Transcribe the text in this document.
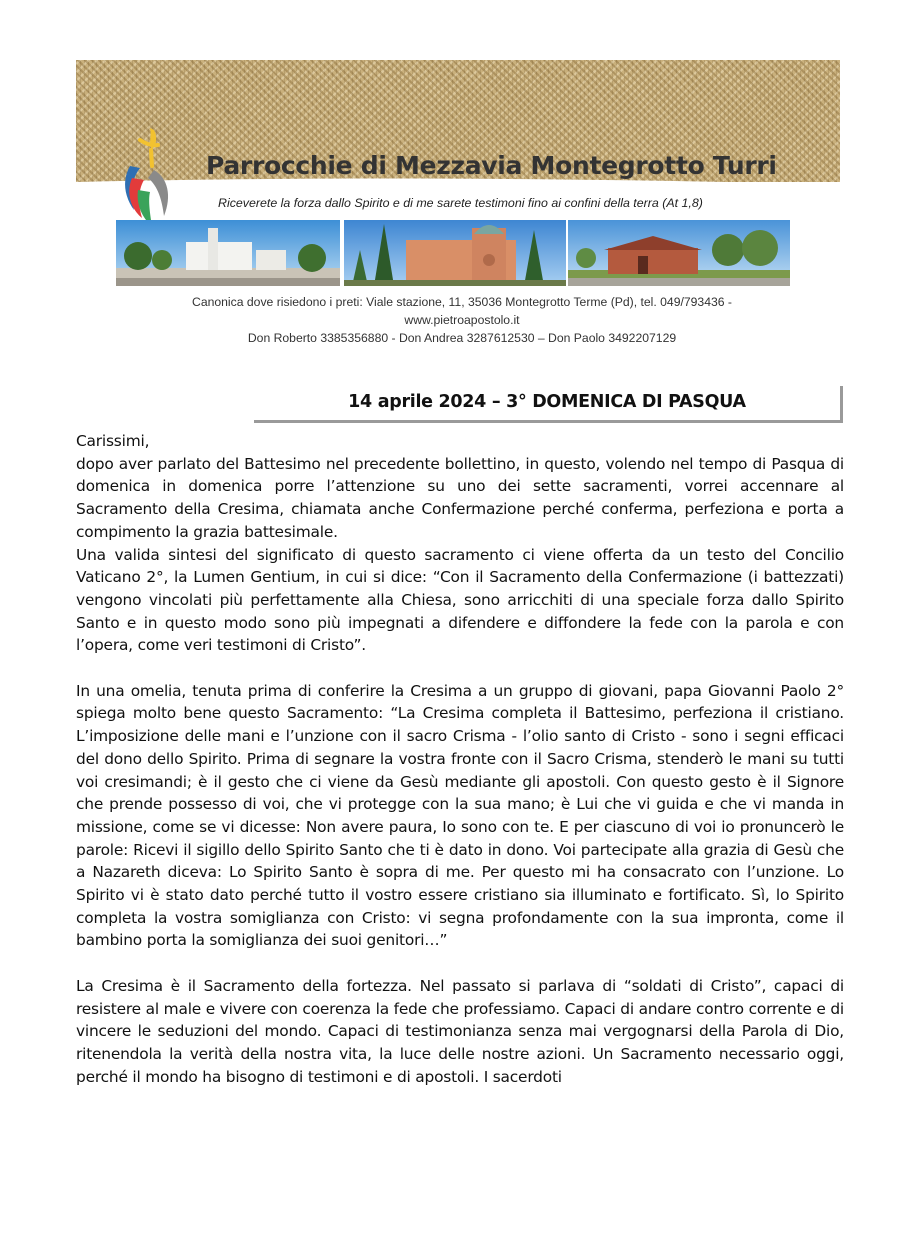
Parrocchie di Mezzavia Montegrotto Turri
Riceverete la forza dallo Spirito e di me sarete testimoni fino ai confini della terra (At 1,8)

Canonica dove risiedono i preti: Viale stazione, 11, 35036 Montegrotto Terme (Pd), tel. 049/793436 -

www.pietroapostolo.it

Don Roberto 3385356880 - Don Andrea 3287612530 – Don Paolo 3492207129

14 aprile 2024 – 3° DOMENICA DI PASQUA

Carissimi,

dopo aver parlato del Battesimo nel precedente bollettino, in questo, volendo nel tempo di Pasqua di domenica in domenica porre l’attenzione su uno dei sette sacramenti, vorrei accennare al Sacramento della Cresima, chiamata anche Confermazione perché conferma, perfeziona e porta a compimento la grazia battesimale.

Una valida sintesi del significato di questo sacramento ci viene offerta da un testo del Concilio Vaticano 2°, la Lumen Gentium, in cui si dice: “Con il Sacramento della Confermazione (i battezzati) vengono vincolati più perfettamente alla Chiesa, sono arricchiti di una speciale forza dallo Spirito Santo e in questo modo sono più impegnati a difendere e diffondere la fede con la parola e con l’opera, come veri testimoni di Cristo”.

In una omelia, tenuta prima di conferire la Cresima a un gruppo di giovani, papa Giovanni Paolo 2° spiega molto bene questo Sacramento: “La Cresima completa il Battesimo, perfeziona il cristiano. L’imposizione delle mani e l’unzione con il sacro Crisma - l’olio santo di Cristo - sono i segni efficaci del dono dello Spirito. Prima di segnare la vostra fronte con il Sacro Crisma, stenderò le mani su tutti voi cresimandi; è il gesto che ci viene da Gesù mediante gli apostoli. Con questo gesto è il Signore che prende possesso di voi, che vi protegge con la sua mano; è Lui che vi guida e che vi manda in missione, come se vi dicesse: Non avere paura, Io sono con te. E per ciascuno di voi io pronuncerò le parole: Ricevi il sigillo dello Spirito Santo che ti è dato in dono. Voi partecipate alla grazia di Gesù che a Nazareth diceva: Lo Spirito Santo è sopra di me. Per questo mi ha consacrato con l’unzione. Lo Spirito vi è stato dato perché tutto il vostro essere cristiano sia illuminato e fortificato. Sì, lo Spirito completa la vostra somiglianza con Cristo: vi segna profondamente con la sua impronta, come il bambino porta la somiglianza dei suoi genitori…”

La Cresima è il Sacramento della fortezza. Nel passato si parlava di “soldati di Cristo”, capaci di resistere al male e vivere con coerenza la fede che professiamo. Capaci di andare contro corrente e di vincere le seduzioni del mondo. Capaci di testimonianza senza mai vergognarsi della Parola di Dio, ritenendola la verità della nostra vita, la luce delle nostre azioni. Un Sacramento necessario oggi, perché il mondo ha bisogno di testimoni e di apostoli. I sacerdoti
